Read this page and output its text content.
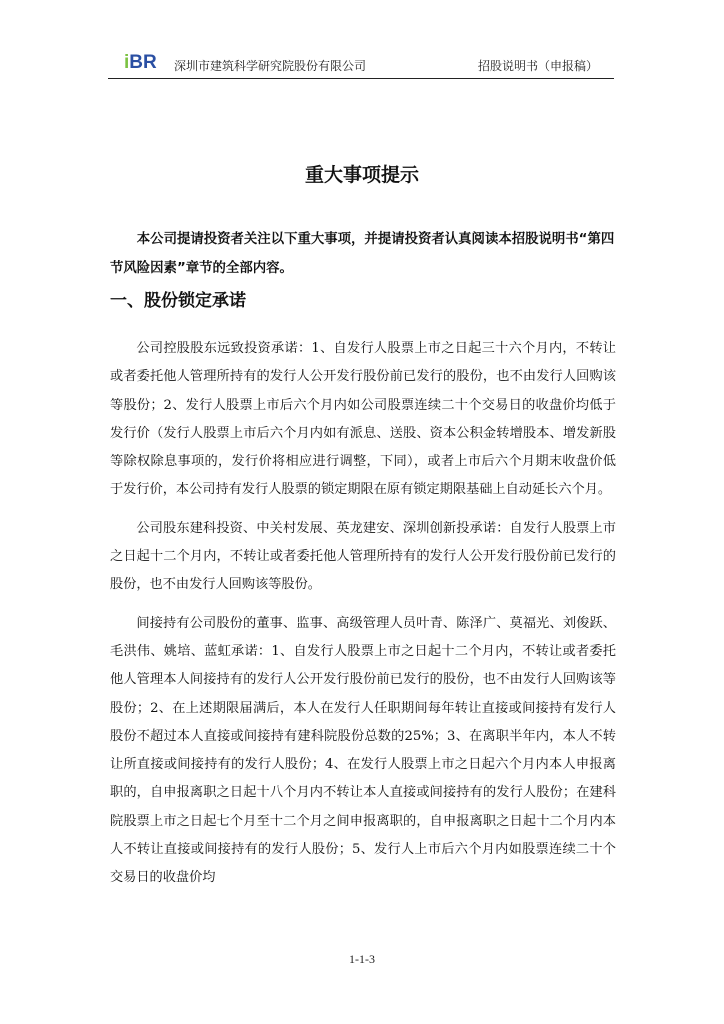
iBR 深圳市建筑科学研究院股份有限公司	招股说明书（申报稿）
重大事项提示

本公司提请投资者关注以下重大事项，并提请投资者认真阅读本招股说明书“第四节风险因素”章节的全部内容。

一、股份锁定承诺

公司控股股东远致投资承诺：1、自发行人股票上市之日起三十六个月内，不转让或者委托他人管理所持有的发行人公开发行股份前已发行的股份，也不由发行人回购该等股份；2、发行人股票上市后六个月内如公司股票连续二十个交易日的收盘价均低于发行价（发行人股票上市后六个月内如有派息、送股、资本公积金转增股本、增发新股等除权除息事项的，发行价将相应进行调整，下同），或者上市后六个月期末收盘价低于发行价，本公司持有发行人股票的锁定期限在原有锁定期限基础上自动延长六个月。

公司股东建科投资、中关村发展、英龙建安、深圳创新投承诺：自发行人股票上市之日起十二个月内，不转让或者委托他人管理所持有的发行人公开发行股份前已发行的股份，也不由发行人回购该等股份。

间接持有公司股份的董事、监事、高级管理人员叶青、陈泽广、莫福光、刘俊跃、毛洪伟、姚培、蓝虹承诺：1、自发行人股票上市之日起十二个月内，不转让或者委托他人管理本人间接持有的发行人公开发行股份前已发行的股份，也不由发行人回购该等股份；2、在上述期限届满后，本人在发行人任职期间每年转让直接或间接持有发行人股份不超过本人直接或间接持有建科院股份总数的25%；3、在离职半年内，本人不转让所直接或间接持有的发行人股份；4、在发行人股票上市之日起六个月内本人申报离职的，自申报离职之日起十八个月内不转让本人直接或间接持有的发行人股份；在建科院股票上市之日起七个月至十二个月之间申报离职的，自申报离职之日起十二个月内本人不转让直接或间接持有的发行人股份；5、发行人上市后六个月内如股票连续二十个交易日的收盘价均

1-1-3
